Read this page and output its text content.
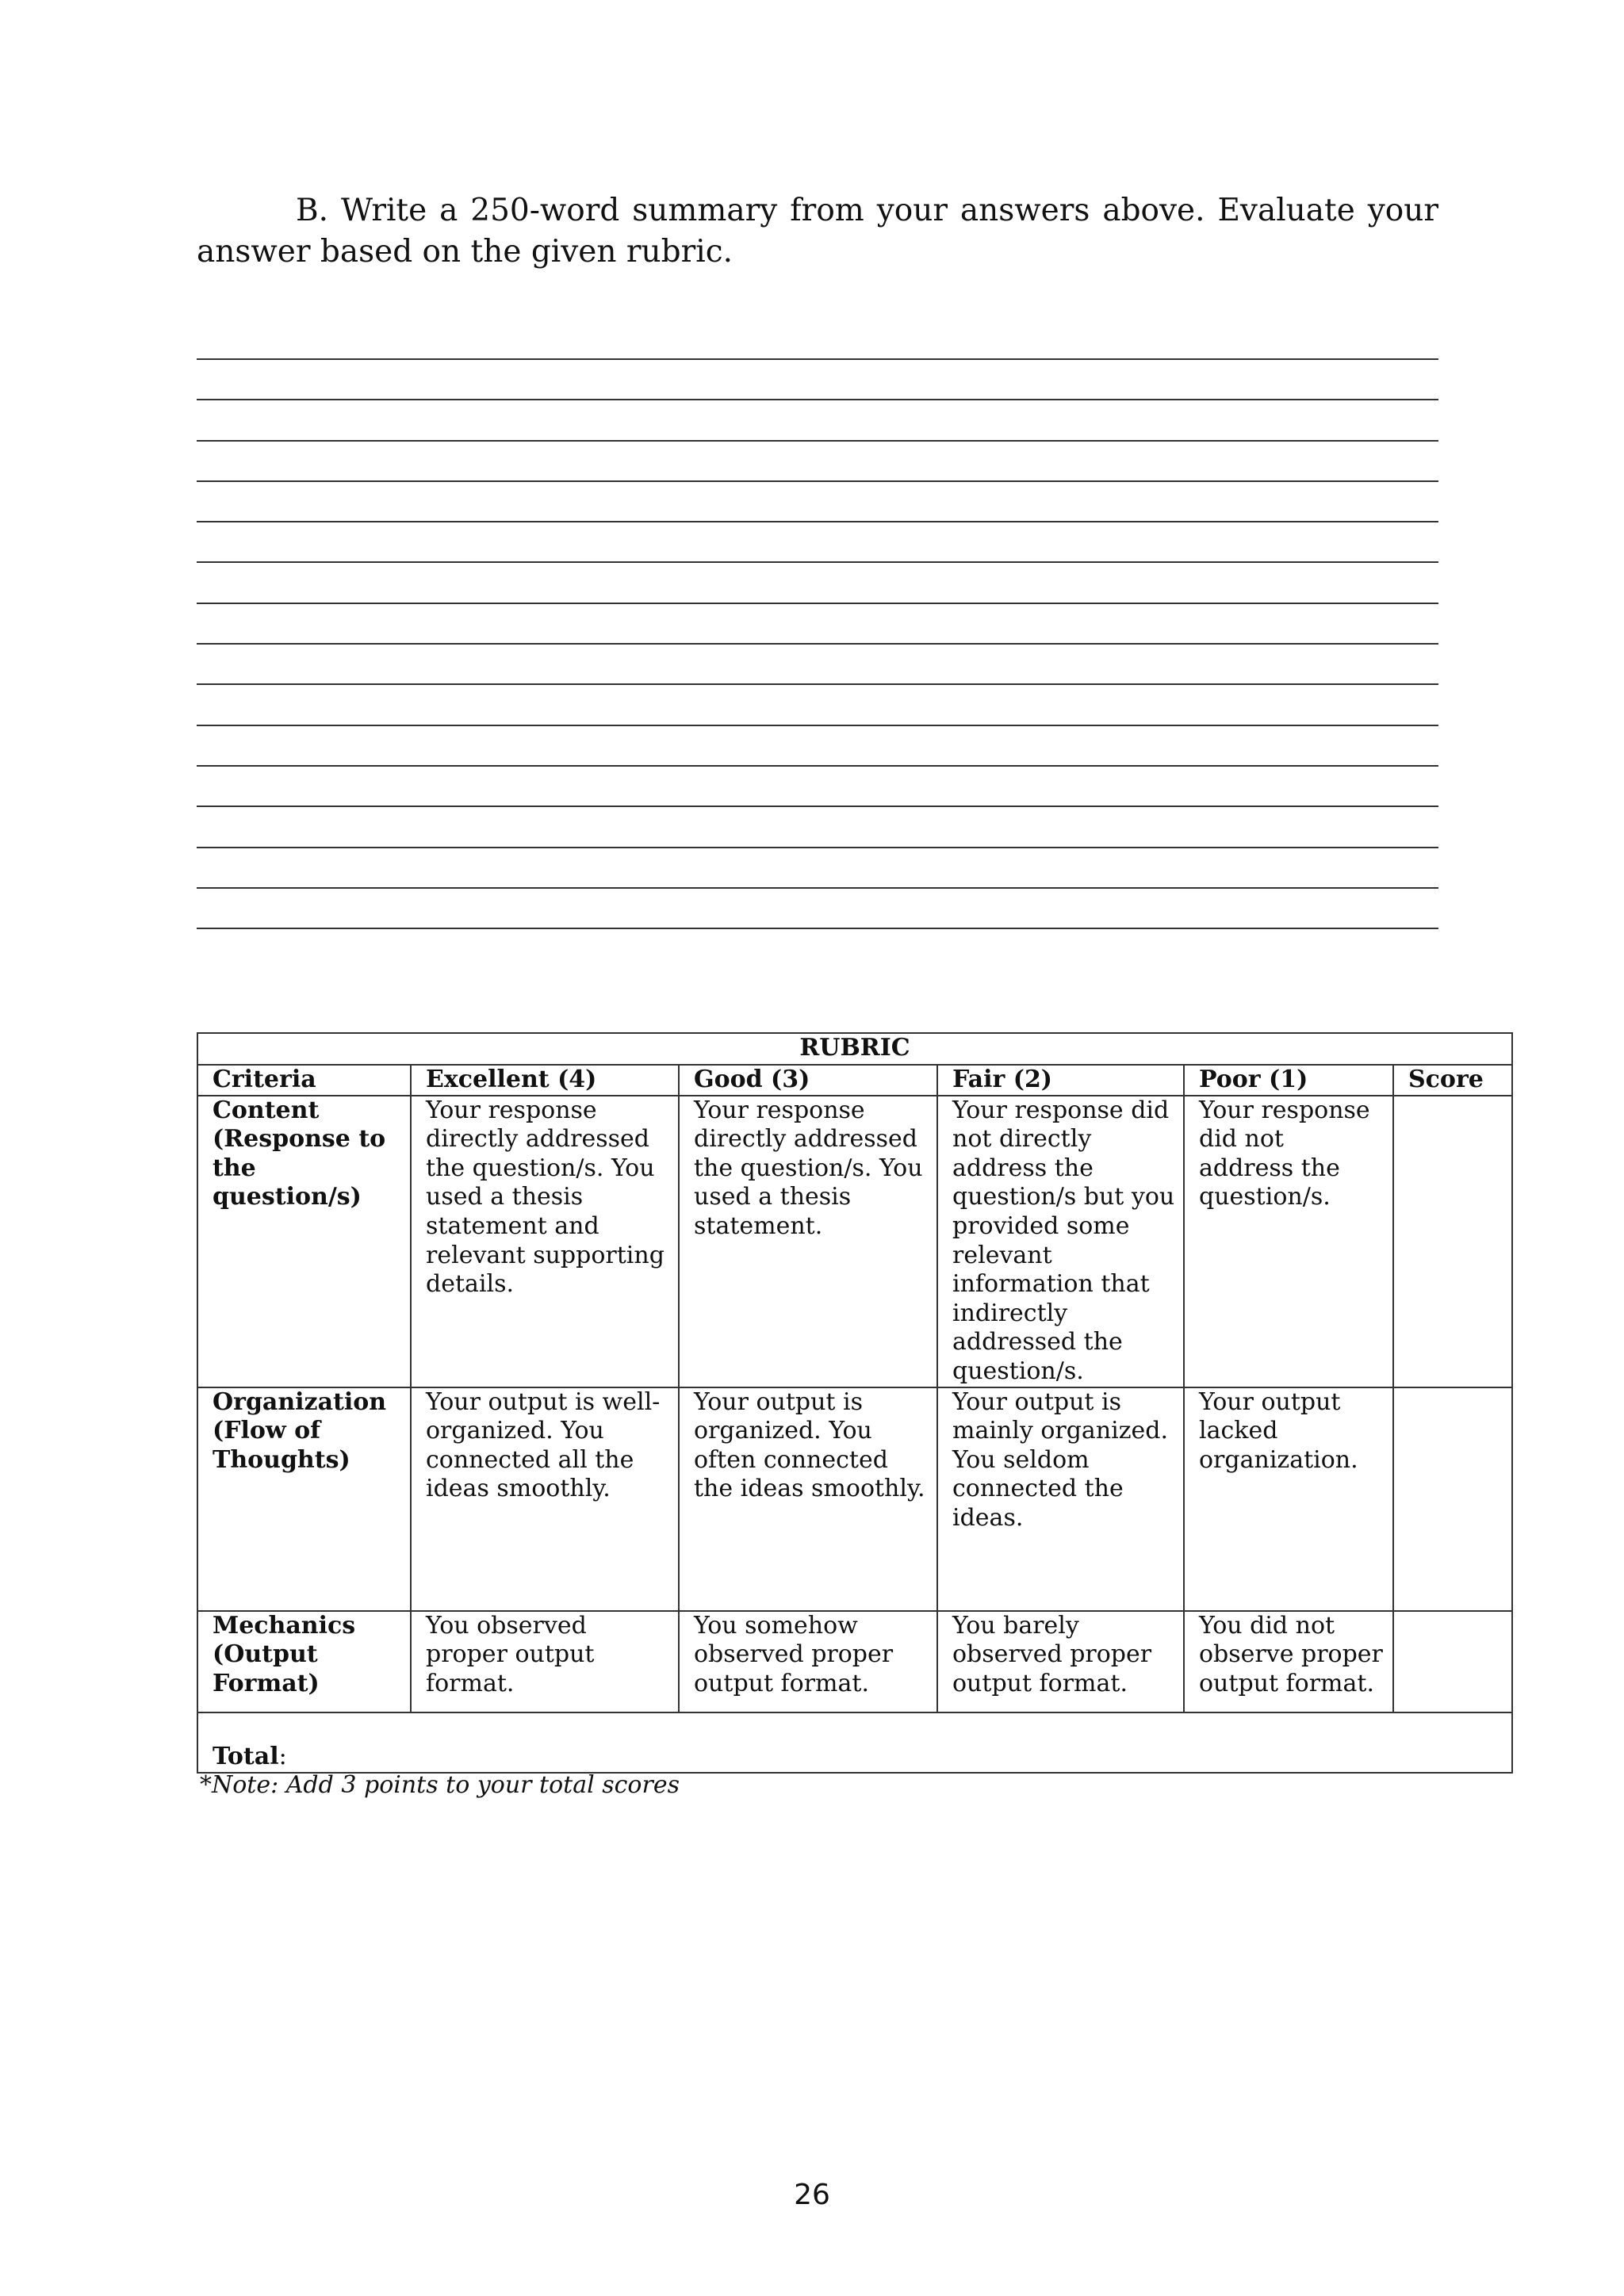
B. Write a 250-word summary from your answers above. Evaluate your answer based on the given rubric.

RUBRIC					
Criteria	Excellent (4)	Good (3)	Fair (2)	Poor (1)	Score
Content (Response to the question/s)	Your response directly addressed the question/s. You used a thesis statement and relevant supporting details.	Your response directly addressed the question/s. You used a thesis statement.	Your response did not directly address the question/s but you provided some relevant information that indirectly addressed the question/s.	Your response did not address the question/s.	
Organization (Flow of Thoughts)	Your output is well-organized. You connected all the ideas smoothly.	Your output is organized. You often connected the ideas smoothly.	Your output is mainly organized. You seldom connected the ideas.	Your output lacked organization.	
Mechanics (Output Format)	You observed proper output format.	You somehow observed proper output format.	You barely observed proper output format.	You did not observe proper output format.	
Total:					

*Note: Add 3 points to your total scores

26
